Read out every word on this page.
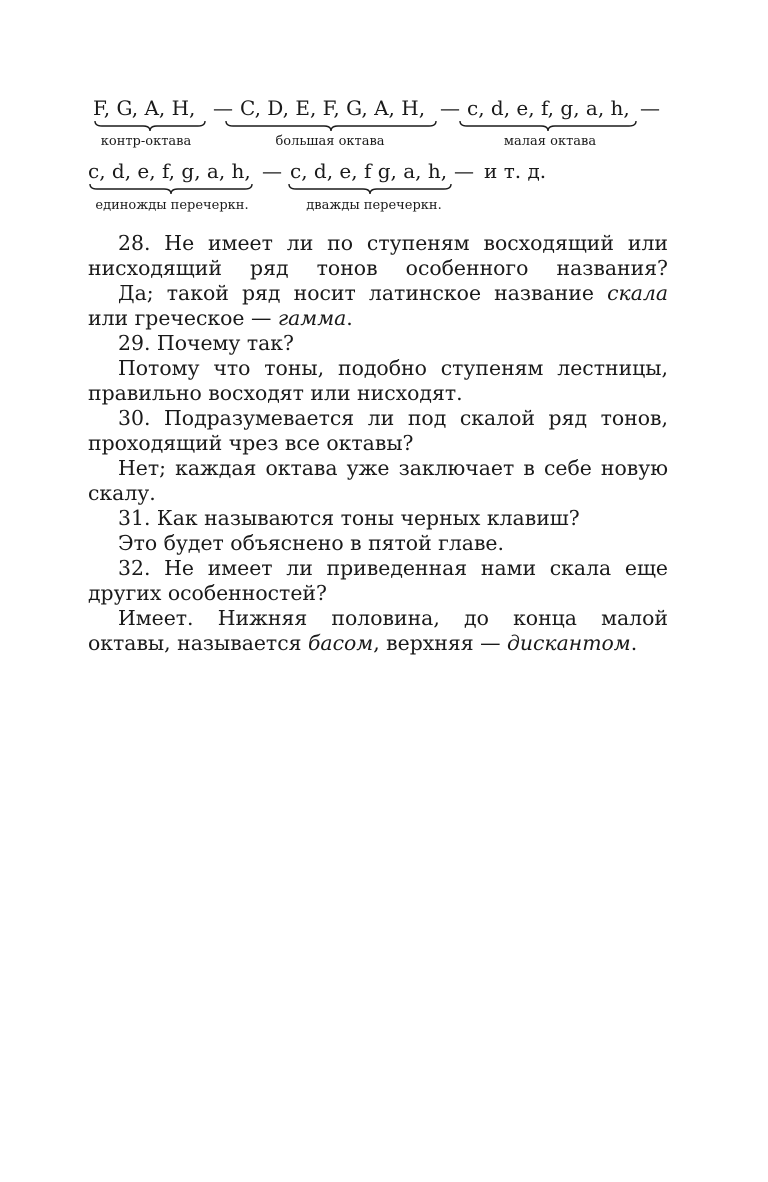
F, G, A, H, — C, D, E, F, G, A, H, — c, d, e, f, g, a, h, —
контр-октава	большая октава	малая октава
c, d, e, f, g, a, h, — c, d, e, f g, a, h, — и т. д.
единожды перечеркн.	дважды перечеркн.

28. Не имеет ли по ступеням восходящий или нисходящий ряд тонов особенного названия?

Да; такой ряд носит латинское название скала или греческое — гамма.

29. Почему так?

Потому что тоны, подобно ступеням лестницы, правильно восходят или нисходят.

30. Подразумевается ли под скалой ряд тонов, проходящий чрез все октавы?

Нет; каждая октава уже заключает в себе новую скалу.

31. Как называются тоны черных клавиш?

Это будет объяснено в пятой главе.

32. Не имеет ли приведенная нами скала еще других особенностей?

Имеет. Нижняя половина, до конца малой октавы, называется басом, верхняя — дискантом.
